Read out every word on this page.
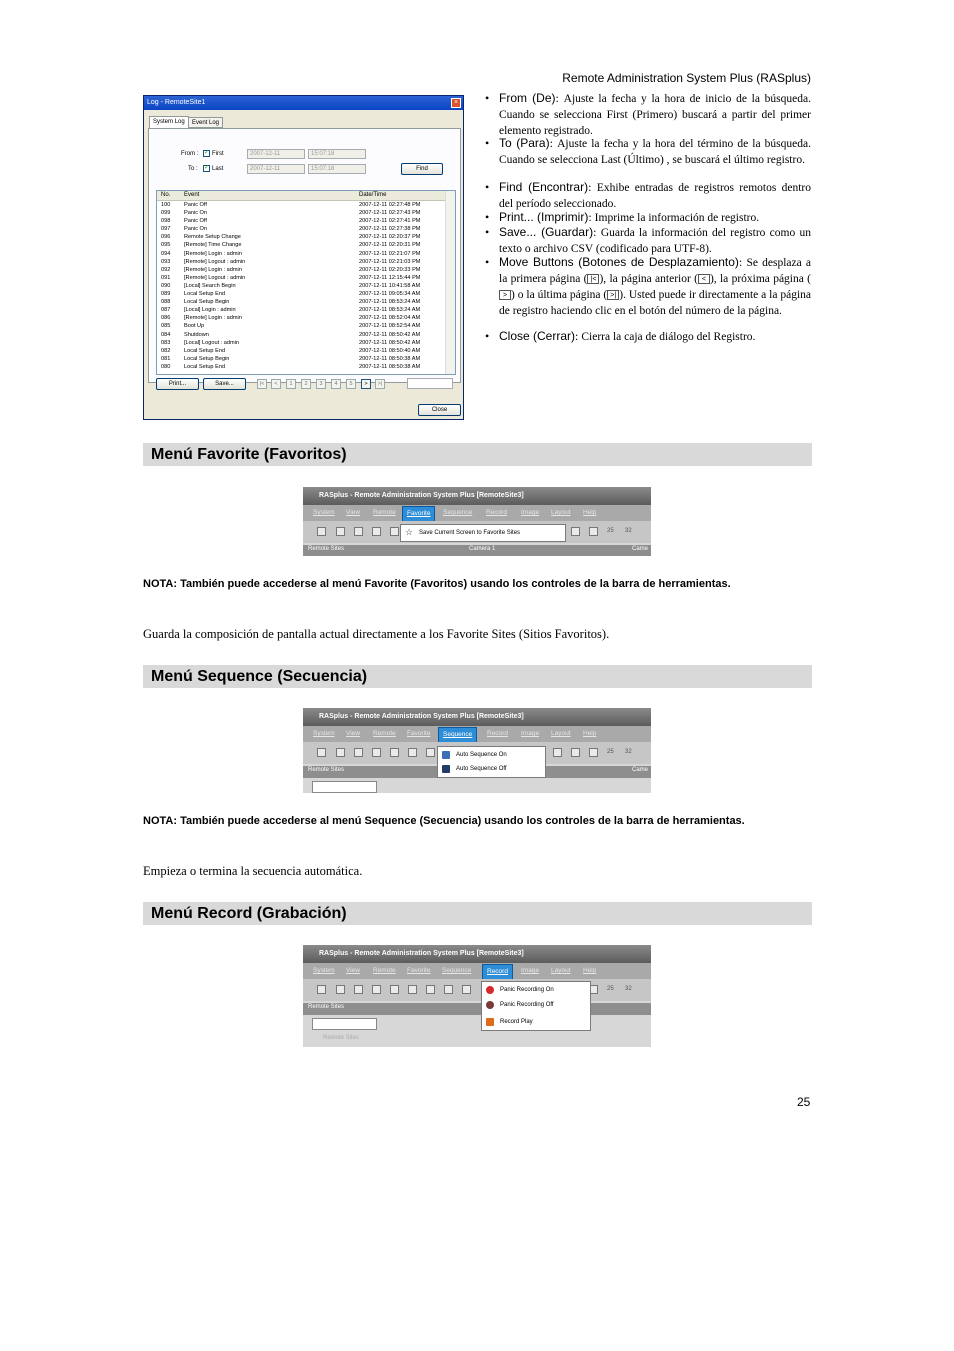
Remote Administration System Plus (RASplus)
Log - RemoteSite1	×
System Log	Event Log
From : ✓ First	2007-12-11	15:07:18
To : ✓ Last	2007-12-11	15:07:18	Find
No. Event	Date/Time
100 Panic Off	2007-12-11 02:27:48 PM
099 Panic On	2007-12-11 02:27:43 PM
098 Panic Off	2007-12-11 02:27:41 PM
097 Panic On	2007-12-11 02:27:38 PM
096 Remote Setup Change	2007-12-11 02:20:37 PM
095 [Remote] Time Change	2007-12-11 02:20:31 PM
094 [Remote] Login : admin	2007-12-11 02:21:07 PM
093 [Remote] Logout : admin	2007-12-11 02:21:03 PM
092 [Remote] Login : admin	2007-12-11 02:20:33 PM
091 [Remote] Logout : admin	2007-12-11 12:15:44 PM
090 [Local] Search Begin	2007-12-11 10:41:58 AM
089 Local Setup End	2007-12-11 09:05:34 AM
088 Local Setup Begin	2007-12-11 08:53:24 AM
087 [Local] Login : admin	2007-12-11 08:53:24 AM
086 [Remote] Login : admin	2007-12-11 08:52:04 AM
085 Boot Up	2007-12-11 08:52:54 AM
084 Shutdown	2007-12-11 08:50:42 AM
083 [Local] Logout : admin	2007-12-11 08:50:42 AM
082 Local Setup End	2007-12-11 08:50:40 AM
081 Local Setup Begin	2007-12-11 08:50:38 AM
080 Local Setup End	2007-12-11 08:50:38 AM
Print...	Save...	|<	<	1	2	3	4	5	>	>|
Close
• From (De): Ajuste la fecha y la hora de inicio de la búsqueda. Cuando se selecciona First (Primero) buscará a partir del primer elemento registrado.
• To (Para): Ajuste la fecha y la hora del término de la búsqueda. Cuando se selecciona Last (Último) , se buscará el último registro.
• Find (Encontrar): Exhibe entradas de registros remotos dentro del período seleccionado.
• Print... (Imprimir): Imprime la información de registro.
• Save... (Guardar): Guarda la información del registro como un texto o archivo CSV (codificado para UTF-8).
• Move Buttons (Botones de Desplazamiento): Se desplaza a la primera página ( |< ), la página anterior ( < ), la próxima página (> ) o la última página ( >| ). Usted puede ir directamente a la página de registro haciendo clic en el botón del número de la página.
• Close (Cerrar): Cierra la caja de diálogo del Registro.
Menú Favorite (Favoritos)
RASplus - Remote Administration System Plus [RemoteSite3]
System View Remote	Favorite	Sequence Record Image Layout Help
25 32
Remote Sites	Camera 1	Came
☆ Save Current Screen to Favorite Sites
NOTA: También puede accederse al menú Favorite (Favoritos) usando los controles de la barra de herramientas.
Guarda la composición de pantalla actual directamente a los Favorite Sites (Sitios Favoritos).
Menú Sequence (Secuencia)
RASplus - Remote Administration System Plus [RemoteSite3]
System View Remote Favorite	Sequence	Record Image Layout Help
25 32
Remote Sites	Came
Auto Sequence On
Auto Sequence Off
NOTA: También puede accederse al menú Sequence (Secuencia) usando los controles de la barra de herramientas.
Empieza o termina la secuencia automática.
Menú Record (Grabación)
RASplus - Remote Administration System Plus [RemoteSite3]
System View Remote Favorite Sequence	Record	Image Layout Help
25 32
Remote Sites
Remote Sites
Panic Recording On
Panic Recording Off
Record Play
25
